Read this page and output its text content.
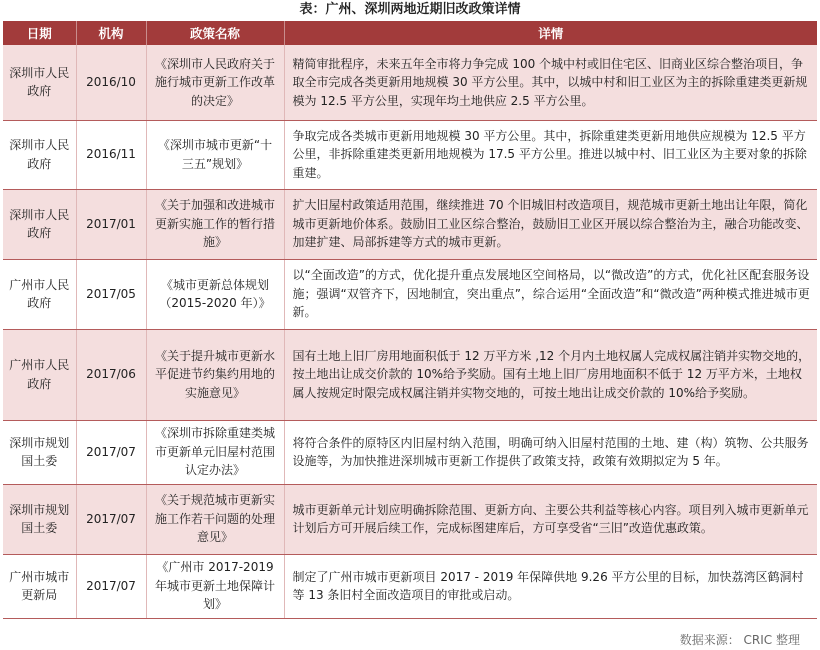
表：广州、深圳两地近期旧改政策详情
日期	机构	政策名称	详情
深圳市人民政府	2016/10	《深圳市人民政府关于施行城市更新工作改革的决定》	精简审批程序，未来五年全市将力争完成 100 个城中村或旧住宅区、旧商业区综合整治项目，争取全市完成各类更新用地规模 30 平方公里。其中，以城中村和旧工业区为主的拆除重建类更新规模为 12.5 平方公里，实现年均土地供应 2.5 平方公里。
深圳市人民政府	2016/11	《深圳市城市更新“十三五”规划》	争取完成各类城市更新用地规模 30 平方公里。其中，拆除重建类更新用地供应规模为 12.5 平方公里，非拆除重建类更新用地规模为 17.5 平方公里。推进以城中村、旧工业区为主要对象的拆除重建。
深圳市人民政府	2017/01	《关于加强和改进城市更新实施工作的暂行措施》	扩大旧屋村政策适用范围，继续推进 70 个旧城旧村改造项目，规范城市更新土地出让年限，简化城市更新地价体系。鼓励旧工业区综合整治，鼓励旧工业区开展以综合整治为主，融合功能改变、加建扩建、局部拆建等方式的城市更新。
广州市人民政府	2017/05	《城市更新总体规划（2015-2020 年）》	以“全面改造”的方式，优化提升重点发展地区空间格局，以“微改造”的方式，优化社区配套服务设施；强调“双管齐下，因地制宜，突出重点”，综合运用“全面改造”和“微改造”两种模式推进城市更新。
广州市人民政府	2017/06	《关于提升城市更新水平促进节约集约用地的实施意见》	国有土地上旧厂房用地面积低于 12 万平方米 ,12 个月内土地权属人完成权属注销并实物交地的，按土地出让成交价款的 10%给予奖励。国有土地上旧厂房用地面积不低于 12 万平方米，土地权属人按规定时限完成权属注销并实物交地的，可按土地出让成交价款的 10%给予奖励。
深圳市规划国土委	2017/07	《深圳市拆除重建类城市更新单元旧屋村范围认定办法》	将符合条件的原特区内旧屋村纳入范围，明确可纳入旧屋村范围的土地、建（构）筑物、公共服务设施等，为加快推进深圳城市更新工作提供了政策支持，政策有效期拟定为 5 年。
深圳市规划国土委	2017/07	《关于规范城市更新实施工作若干问题的处理意见》	城市更新单元计划应明确拆除范围、更新方向、主要公共利益等核心内容。项目列入城市更新单元计划后方可开展后续工作，完成标图建库后，方可享受省“三旧”改造优惠政策。
广州市城市更新局	2017/07	《广州市 2017-2019 年城市更新土地保障计划》	制定了广州市城市更新项目 2017 - 2019 年保障供地 9.26 平方公里的目标，加快荔湾区鹤洞村等 13 条旧村全面改造项目的审批或启动。
数据来源： CRIC 整理
